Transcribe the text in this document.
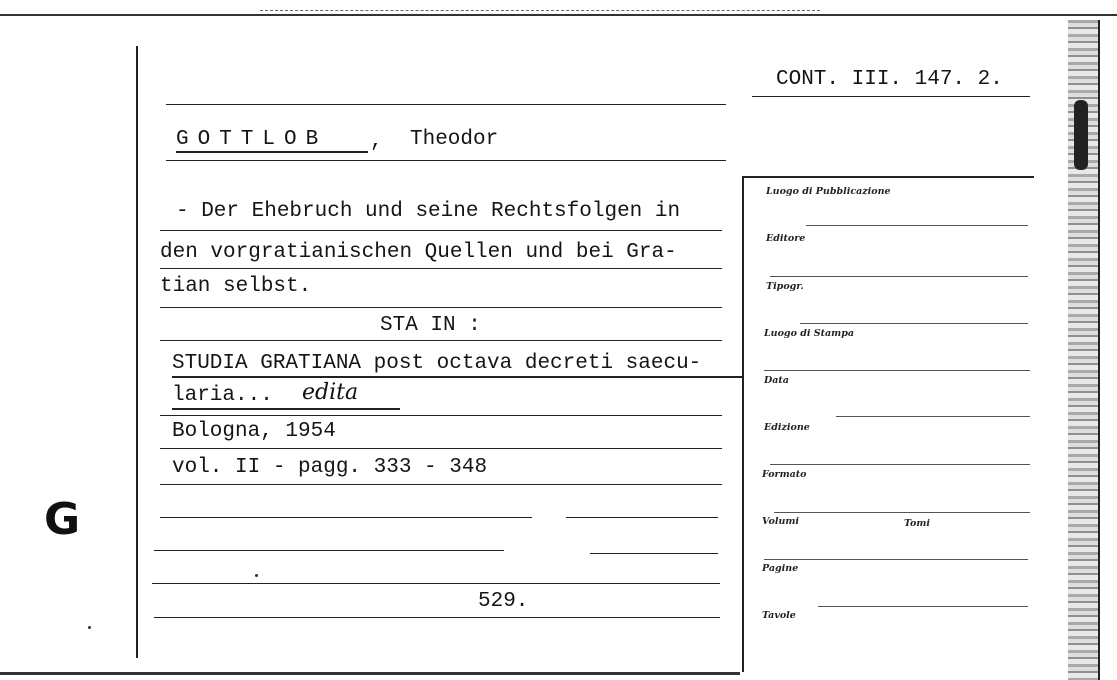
CONT. III. 147. 2.
GOTTLOB , Theodor
- Der Ehebruch und seine Rechtsfolgen in
den vorgratianischen Quellen und bei Gra-
tian selbst.
STA IN :
STUDIA GRATIANA post octava decreti saecu-
laria... edita
Bologna, 1954
vol. II - pagg. 333 - 348
529.
G
Luogo di Pubblicazione
Editore
Tipogr.
Luogo di Stampa
Data
Edizione
Formato
Volumi	Tomi
Pagine
Tavole
